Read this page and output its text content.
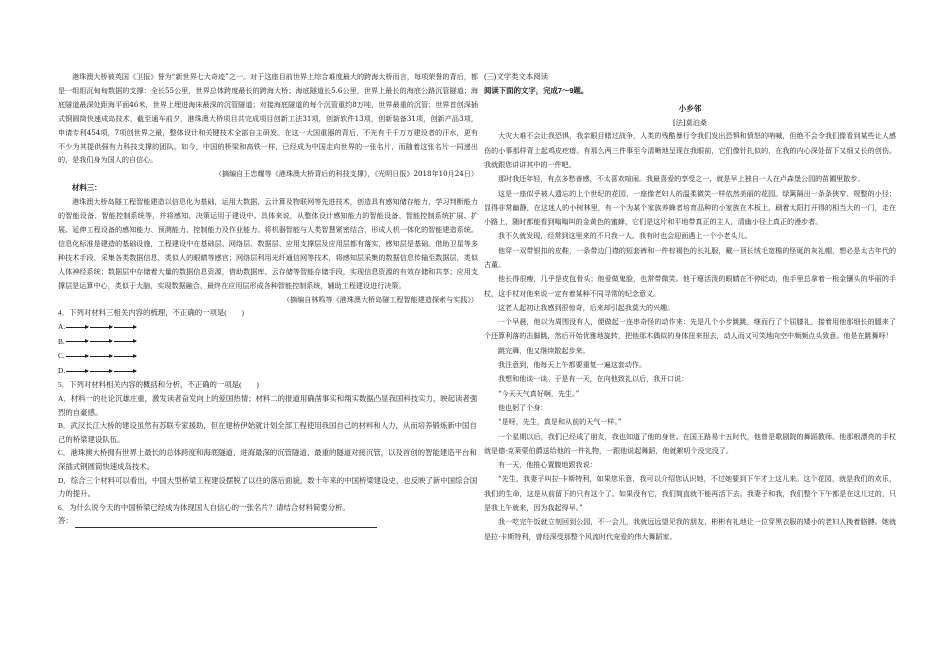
港珠澳大桥被英国《卫报》誉为“新世界七大奇迹”之一。对于这座目前世界上综合难度最大的跨海大桥而言，每项荣誉的背后，都是一组组沉甸甸数据的支撑：全长55公里，世界总体跨度最长的跨海大桥；海底隧道长5.6公里，世界上最长的海底公路沉管隧道；海底隧道最深处距海平面46米，世界上埋进海床最深的沉管隧道；对接海底隧道的每个沉管重约8万吨，世界最重的沉管；世界首创深插式钢圆筒快速成岛技术，截至通车前夕，港珠澳大桥项目共完成项目创新工法31项，创新软件13项，创新装备31项，创新产品3项，申请专利454项，7项创世界之最，整体设计和关键技术全部自主研发。在这一大国重器的背后，不光有千千万万建设者的汗水，更有不少为其提供强有力科技支撑的团队。如今，中国的桥梁和高铁一样，已经成为中国走向世界的一张名片，而随着这张名片一同递出的，是我们身为国人的自信心。

（摘编自王忠耀等《港珠澳大桥背后的科技支撑》，《光明日报》2018年10月24日）

材料三：

港珠澳大桥岛隧工程智能建造以信息化为基础，运用大数据、云计算及物联网等先进技术，创造具有感知储存能力、学习判断能力的智能设备、智能控制系统等，并将感知、决策运用于建设中。具体来说，从整体设计感知能力的智能设备、智能控制系统扩展、扩展、延伸工程设备的感知能力、预测能力、控制能力及作业能力。将机器智能与人类智慧紧密结合，形成人机一体化的智能建造系统。信息化标准是建造的基础设施，工程建设中在基础层、网络层、数据层、应用支撑层及应用层都有落实，感知层是基础。借助卫星等多种技术手段，采集各类数据信息，类似人的眼睛等感官；网络层利用光纤通信网等技术，将感知层采集的数据信息传输至数据层，类似人体神经系统；数据层中存储着大量的数据信息资源，借助数据库、云存储等智能存储手段，实现信息资源的有效存储和共享；应用支撑层是运算中心，类似于大脑，实现数据融合，最终在应用层形成各种智能控制系统，辅助工程建设进行决策。

（摘编自林鸣等《港珠澳大桥岛隧工程智能建造探索与实践》）

4．下列对材料三相关内容的梳理，不正确的一项是(　　)

A.
B.
C.
D.

5．下列对材料相关内容的概括和分析，不正确的一项是(　　)

A．材料一的社论沉雄庄重，激发读者奋发向上的爱国热情；材料二的报道用确凿事实和翔实数据凸显我国科技实力，映起读者强烈的自豪感。

B．武汉长江大桥的建设虽然有苏联专家援助，但在建桥伊始就计划全部工程使用我国自己的材料和人力，从而培养锻炼新中国自己的桥梁建设队伍。

C．港珠澳大桥拥有世界上最长的总体跨度和海底隧道、进海最深的沉管隧道、最重的隧道对接沉管，以及首创的智能建造平台和深插式钢圆筒快速成岛技术。

D．综合三个材料可以看出，中国大型桥梁工程建设摆脱了以往的落后面貌，数十年来的中国桥梁建设史，也反映了新中国综合国力的提升。

6．为什么说今天的中国桥梁已经成为体现国人自信心的一张名片？请结合材料简要分析。

答：

(三)文学类文本阅读

阅读下面的文字，完成7～9题。

小乡邻

[法]莫泊桑

大灾大难不会让我恐惧，我亲眼目睹过战争，人类的残酷暴行令我们发出恐惧和愤怒的呐喊，但绝不会令我们像看到某些让人感伤的小事那样背上起鸡皮疙瘩。有那么两三件事至今清晰地呈现在我眼前，它们像针扎似的，在我的内心深处留下又细又长的创伤。我就跟您讲讲其中的一件吧。

那时我还年轻，有点多愁善感，不太喜欢喧闹。我最喜爱的享受之一，就是早上独自一人在卢森堡公园的苗圃里散步。

这是一座似乎被人遗忘的上个世纪的花园，一座像老妇人的温柔微笑一样依然美丽的花园。绿篱隔出一条条狭窄、规整的小径；显得非常幽静，在这迷人的小树林里，有一个为某个家族养蜂者培育品种的小家族在木板上，刷着太阳打开得的相当大的一门，走在小路上，随时都能看到嗡嗡叫的金黄色的蜜蜂，它们是这片和平地带真正的主人，清幽小径上真正的漫步者。

我不久就发现，经常到这里来的不只我一人。我有时也会迎面遇上一个小老头儿。

他穿一双带银扣的皮鞋，一条带边门襟的短套裤和一件棕褐色的长礼服，戴一顶长绒毛宽檐的怪诞的灰礼帽，想必是太古年代的古董。

他长得很瘦，几乎是皮包骨头；他爱做鬼脸，也常带微笑。他干瘪活泼的眼睛在不停眨动，他手里总拿着一根金镶头的华丽的手杖，这手杖对他来说一定有着某种不同寻常的纪念意义。

这老人起初让我感到很惊奇，后来却引起我莫大的兴趣。

一个早晨，他以为周围没有人，便做起一连串奇怪的动作来：先是几个小步跳跳，继而行了个屈膝礼，接着用他那细长的腿来了个还算利落的击脚跳，然后开始优雅地旋转，把他那木偶似的身体扭来扭去，动人而又可笑地向空中频频点头致意。他是在跳舞呀！

跳完舞，他又继续散起步来。

我注意到，他每天上午都要重复一遍这套动作。

我想和他谈一谈。于是有一天，在向他致礼以后，我开口说：

“今天天气真好啊，先生。”

他也躬了个身：

“是呀，先生，真是和从前的天气一样。”

一个星期以后，我们已经成了朋友，我也知道了他的身世。在国王路易十五时代，他曾是歌剧院的舞蹈教师。他那根漂亮的手杖就是德·克莱蒙伯爵送给他的一件礼物，一跟他说起舞蹈，他就絮叨个没完没了。

有一天，他推心置腹地跟我说：

“先生，我妻子叫拉·卡斯特利，如果您乐意，我可以介绍您认识她，不过她要到下午才上这儿来。这个花园，就是我们的欢乐，我们的生命，这是从前留下的只有这个了。如果没有它，我们简直就不能再活下去。我妻子和我，我们整个下午都是在这儿过的，只是我上午就来，因为我起得早。”

我一吃完午饭就立刻回到公园，不一会儿，我就远远望见我的朋友，彬彬有礼地让一位穿黑衣服的矮小的老妇人挽着胳膊。她就是拉·卡斯特利，曾经深受那整个风流时代宠爱的伟大舞蹈家。
